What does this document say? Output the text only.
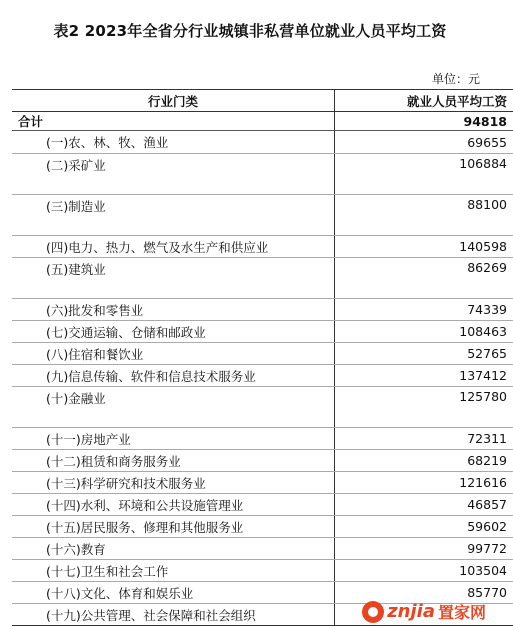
表2 2023年全省分行业城镇非私营单位就业人员平均工资
单位：元
行业门类	就业人员平均工资
合计	94818
(一)农、林、牧、渔业	69655
(二)采矿业	106884
(三)制造业	88100
(四)电力、热力、燃气及水生产和供应业	140598
(五)建筑业	86269
(六)批发和零售业	74339
(七)交通运输、仓储和邮政业	108463
(八)住宿和餐饮业	52765
(九)信息传输、软件和信息技术服务业	137412
(十)金融业	125780
(十一)房地产业	72311
(十二)租赁和商务服务业	68219
(十三)科学研究和技术服务业	121616
(十四)水利、环境和公共设施管理业	46857
(十五)居民服务、修理和其他服务业	59602
(十六)教育	99772
(十七)卫生和社会工作	103504
(十八)文化、体育和娱乐业	85770
(十九)公共管理、社会保障和社会组织		znjia 置家网
